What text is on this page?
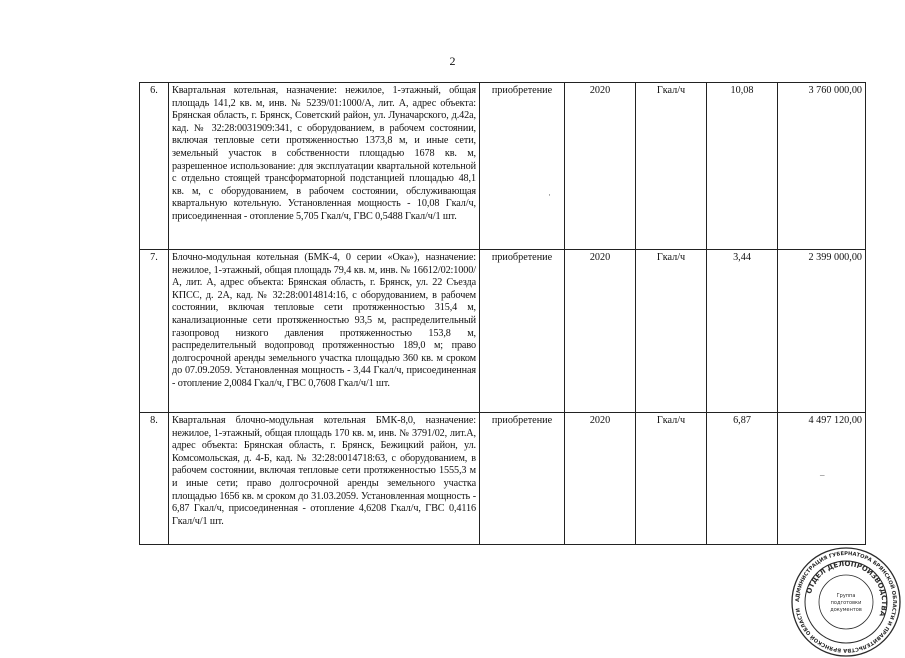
2
6.	Квартальная котельная, назначение: нежилое, 1-этажный, общая площадь 141,2 кв. м, инв. № 5239/01:1000/А, лит. А, адрес объекта: Брянская область, г. Брянск, Советский район, ул. Луначарского, д.42а, кад. № 32:28:0031909:341, с оборудованием, в рабочем состоянии, включая тепловые сети протяженностью 1373,8 м, и иные сети, земельный участок в собственности площадью 1678 кв. м, разрешенное использование: для эксплуатации квартальной котельной с отдельно стоящей трансформаторной подстанцией площадью 48,1 кв. м, с оборудованием, в рабочем состоянии, обслуживающая квартальную котельную. Установленная мощность - 10,08 Гкал/ч, присоединенная - отопление 5,705 Гкал/ч, ГВС 0,5488 Гкал/ч/1 шт.	приобретение	2020	Гкал/ч	10,08	3 760 000,00
7.	Блочно-модульная котельная (БМК-4, 0 серии «Ока»), назначение: нежилое, 1-этажный, общая площадь 79,4 кв. м, инв. № 16612/02:1000/А, лит. А, адрес объекта: Брянская область, г. Брянск, ул. 22 Съезда КПСС, д. 2А, кад. № 32:28:0014814:16, с оборудованием, в рабочем состоянии, включая тепловые сети протяженностью 315,4 м, канализационные сети протяженностью 93,5 м, распределительный газопровод низкого давления протяженностью 153,8 м, распределительный водопровод протяженностью 189,0 м; право долгосрочной аренды земельного участка площадью 360 кв. м сроком до 07.09.2059. Установленная мощность - 3,44 Гкал/ч, присоединенная - отопление 2,0084 Гкал/ч, ГВС 0,7608 Гкал/ч/1 шт.	приобретение	2020	Гкал/ч	3,44	2 399 000,00
8.	Квартальная блочно-модульная котельная БМК-8,0, назначение: нежилое, 1-этажный, общая площадь 170 кв. м, инв. № 3791/02, лит.А, адрес объекта: Брянская область, г. Брянск, Бежицкий район, ул. Комсомольская, д. 4-Б, кад. № 32:28:0014718:63, с оборудованием, в рабочем состоянии, включая тепловые сети протяженностью 1555,3 м и иные сети; право долгосрочной аренды земельного участка площадью 1656 кв. м сроком до 31.03.2059. Установленная мощность - 6,87 Гкал/ч, присоединенная - отопление 4,6208 Гкал/ч, ГВС 0,4116 Гкал/ч/1 шт.	приобретение	2020	Гкал/ч	6,87	4 497 120,00
·
–
АДМИНИСТРАЦИЯ ГУБЕРНАТОРА БРЯНСКОЙ ОБЛАСТИ И ПРАВИТЕЛЬСТВА БРЯНСКОЙ ОБЛАСТИ
ОТДЕЛ ДЕЛОПРОИЗВОДСТВА
Группа
подготовки
документов
